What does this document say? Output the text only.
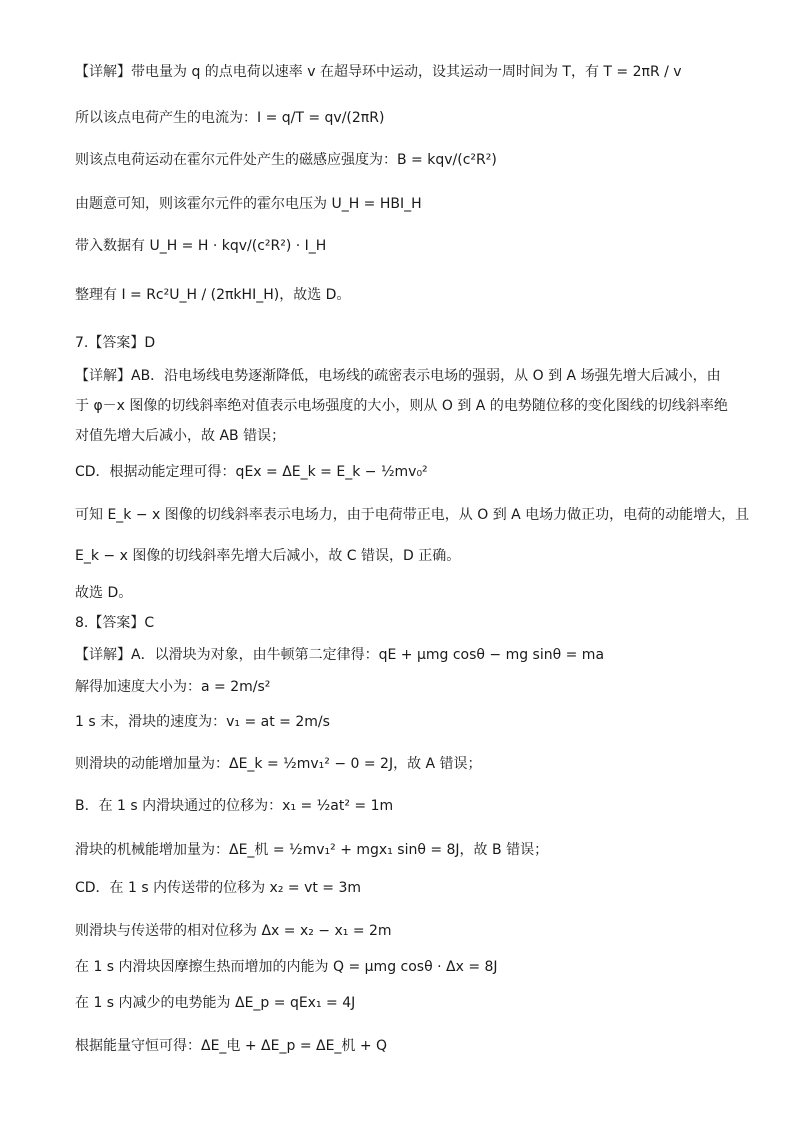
【详解】带电量为 q 的点电荷以速率 v 在超导环中运动，设其运动一周时间为 T，有 T = 2πR / v
所以该点电荷产生的电流为：I = q/T = qv/(2πR)
则该点电荷运动在霍尔元件处产生的磁感应强度为：B = kqv/(c²R²)
由题意可知，则该霍尔元件的霍尔电压为 U_H = HBI_H
带入数据有 U_H = H · kqv/(c²R²) · I_H
整理有 I = Rc²U_H / (2πkHI_H)，故选 D。
7.【答案】D
【详解】AB．沿电场线电势逐渐降低，电场线的疏密表示电场的强弱，从 O 到 A 场强先增大后减小，由
于 φ－x 图像的切线斜率绝对值表示电场强度的大小，则从 O 到 A 的电势随位移的变化图线的切线斜率绝
对值先增大后减小，故 AB 错误；
CD．根据动能定理可得：qEx = ΔE_k = E_k − ½mv₀²
可知 E_k − x 图像的切线斜率表示电场力，由于电荷带正电，从 O 到 A 电场力做正功，电荷的动能增大，且
E_k − x 图像的切线斜率先增大后减小，故 C 错误，D 正确。
故选 D。
8.【答案】C
【详解】A．以滑块为对象，由牛顿第二定律得：qE + μmg cosθ − mg sinθ = ma
解得加速度大小为：a = 2m/s²
1 s 末，滑块的速度为：v₁ = at = 2m/s
则滑块的动能增加量为：ΔE_k = ½mv₁² − 0 = 2J，故 A 错误；
B．在 1 s 内滑块通过的位移为：x₁ = ½at² = 1m
滑块的机械能增加量为：ΔE_机 = ½mv₁² + mgx₁ sinθ = 8J，故 B 错误；
CD．在 1 s 内传送带的位移为 x₂ = vt = 3m
则滑块与传送带的相对位移为 Δx = x₂ − x₁ = 2m
在 1 s 内滑块因摩擦生热而增加的内能为 Q = μmg cosθ · Δx = 8J
在 1 s 内减少的电势能为 ΔE_p = qEx₁ = 4J
根据能量守恒可得：ΔE_电 + ΔE_p = ΔE_机 + Q
